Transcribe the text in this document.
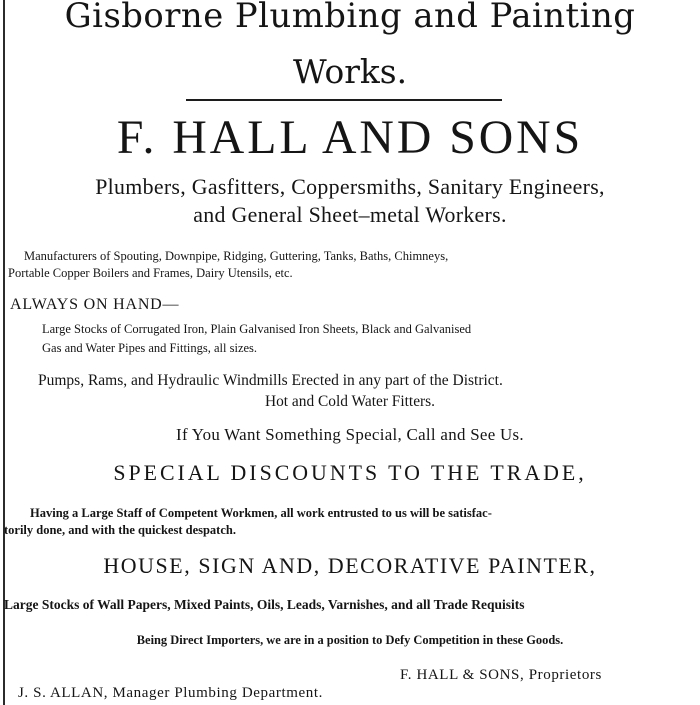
Gisborne Plumbing and Painting
Works.
F. HALL AND SONS
Plumbers, Gasfitters, Coppersmiths, Sanitary Engineers,
and General Sheet–metal Workers.
Manufacturers of Spouting, Downpipe, Ridging, Guttering, Tanks, Baths, Chimneys,
Portable Copper Boilers and Frames, Dairy Utensils, etc.
ALWAYS ON HAND—
Large Stocks of Corrugated Iron, Plain Galvanised Iron Sheets, Black and Galvanised
Gas and Water Pipes and Fittings, all sizes.
Pumps, Rams, and Hydraulic Windmills Erected in any part of the District.
Hot and Cold Water Fitters.
If You Want Something Special, Call and See Us.
SPECIAL DISCOUNTS TO THE TRADE,
Having a Large Staff of Competent Workmen, all work entrusted to us will be satisfac-
torily done, and with the quickest despatch.
HOUSE, SIGN AND, DECORATIVE PAINTER,
Large Stocks of Wall Papers, Mixed Paints, Oils, Leads, Varnishes, and all Trade Requisits
Being Direct Importers, we are in a position to Defy Competition in these Goods.
F. HALL & SONS, Proprietors
J. S. ALLAN, Manager Plumbing Department.
